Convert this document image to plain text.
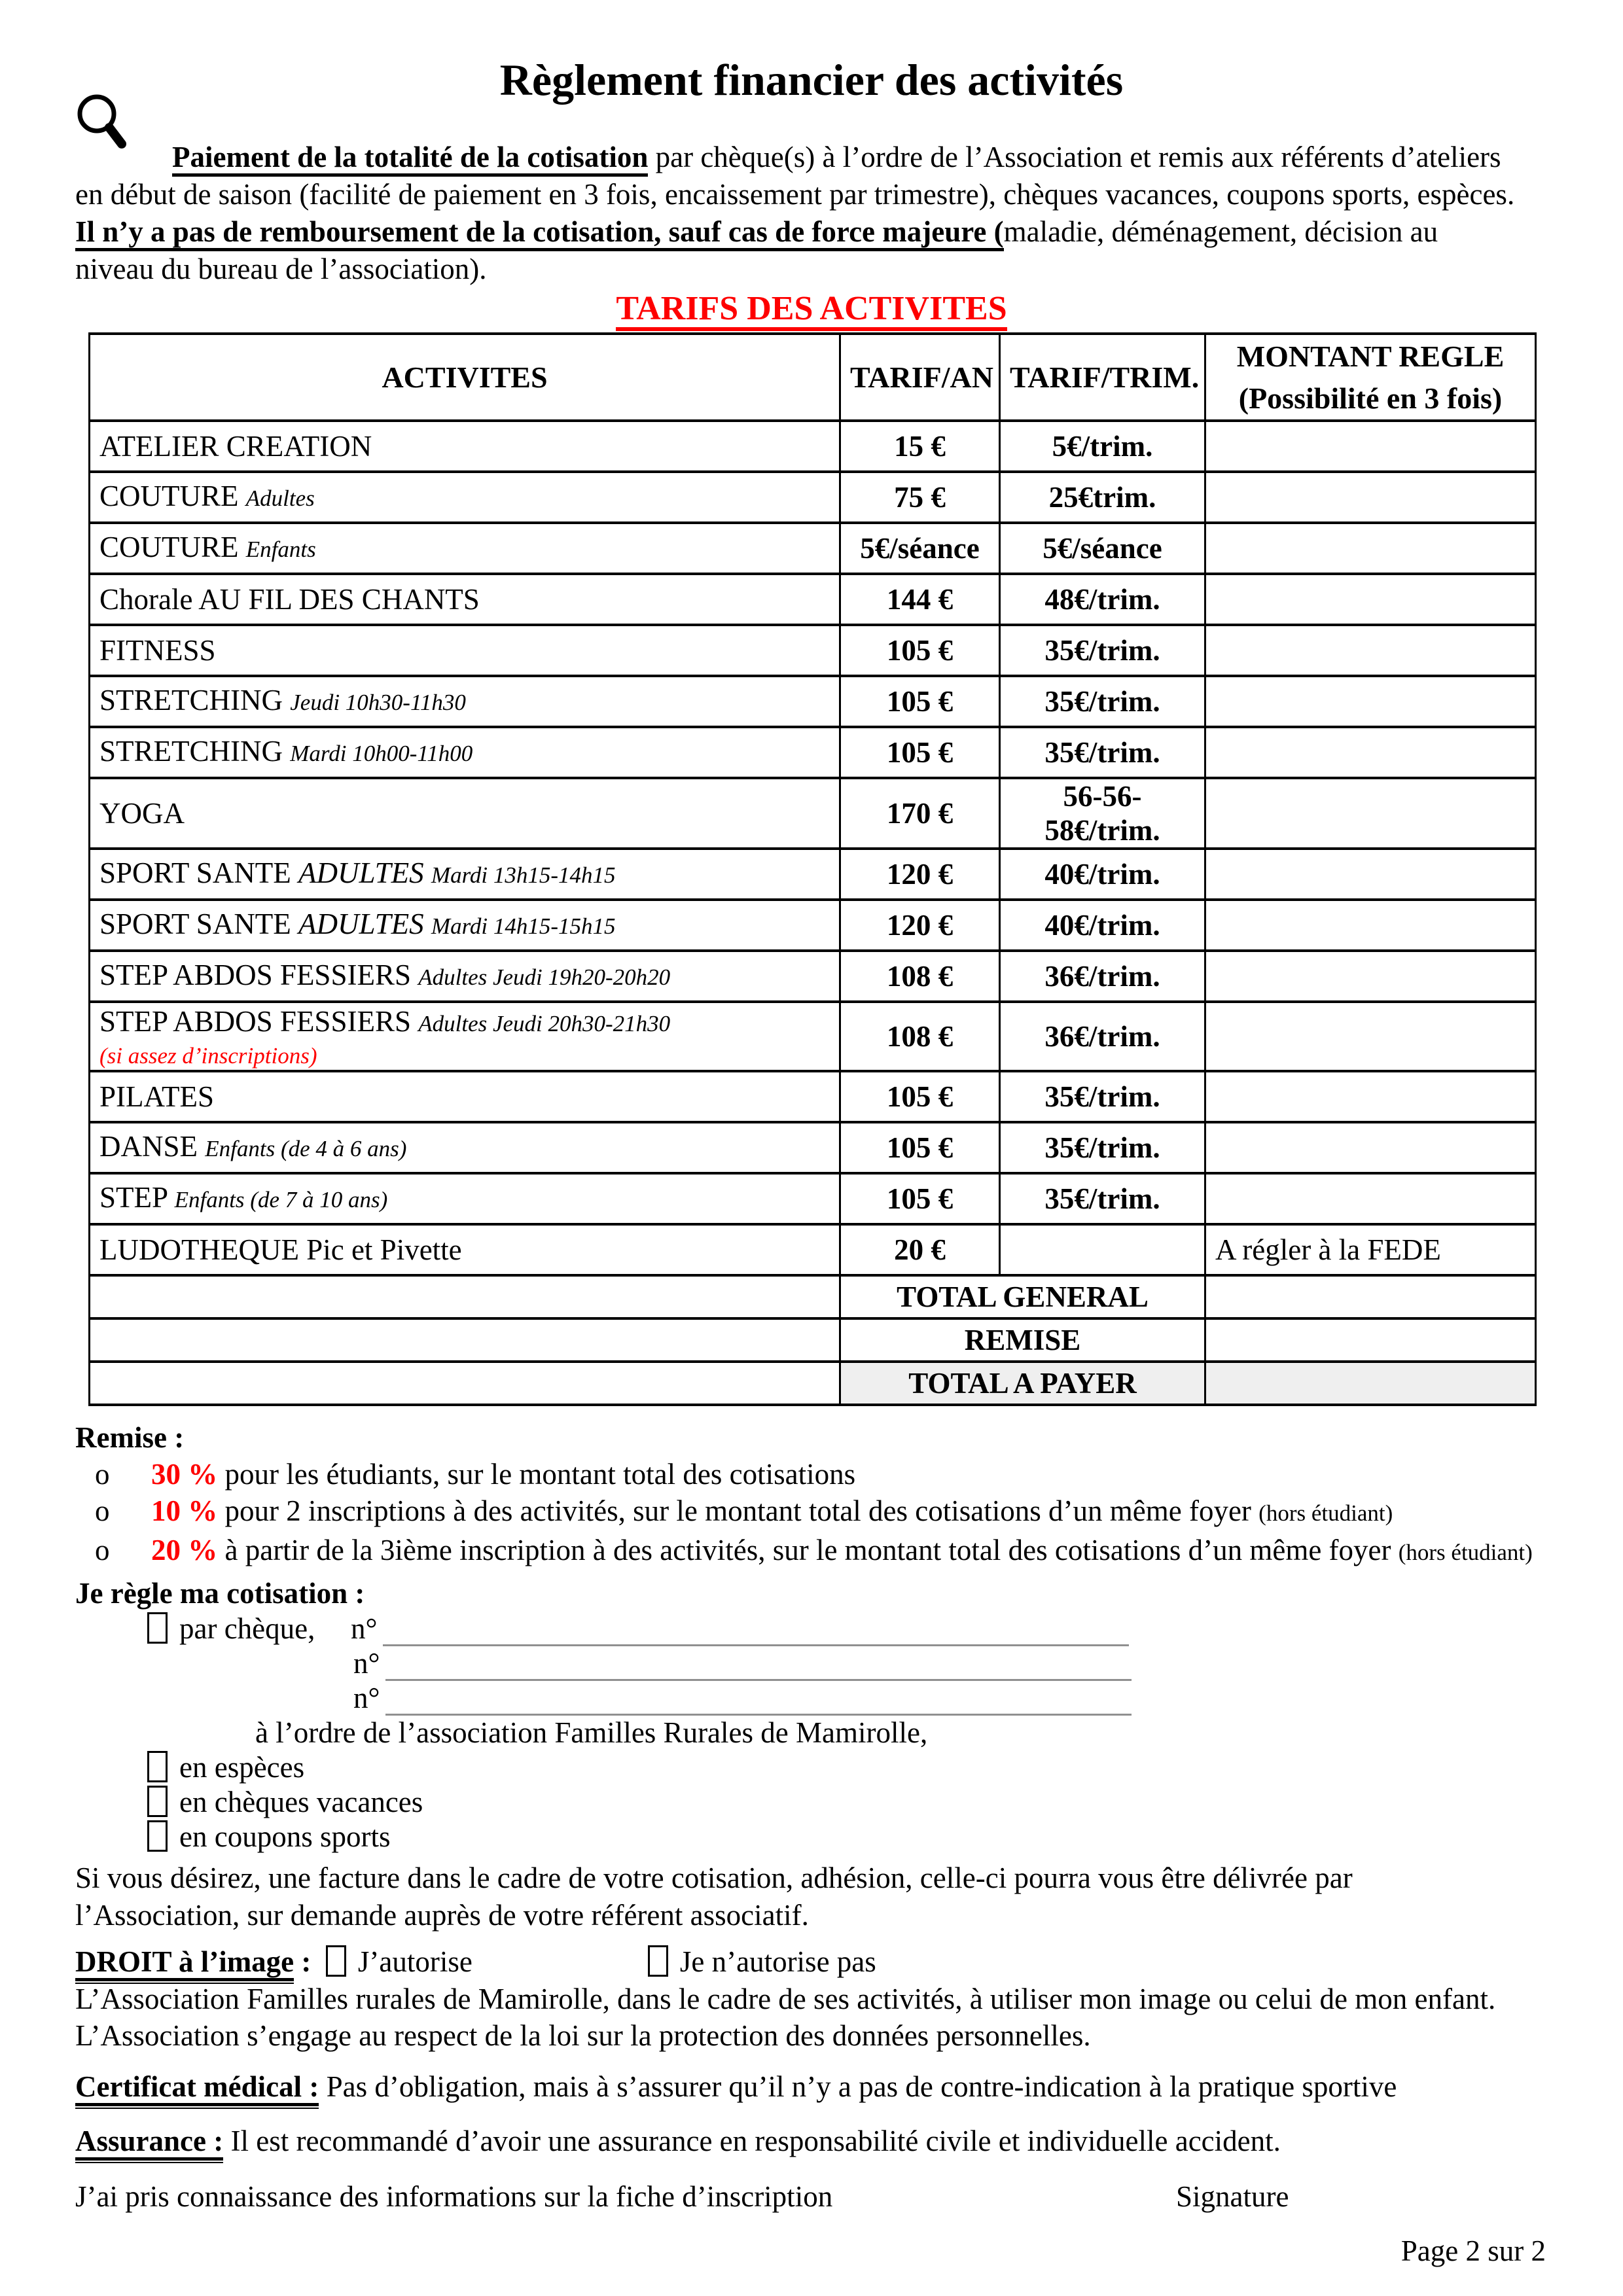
Règlement financier des activités
Paiement de la totalité de la cotisation par chèque(s) à l’ordre de l’Association et remis aux référents d’ateliers
en début de saison (facilité de paiement en 3 fois, encaissement par trimestre), chèques vacances, coupons sports, espèces.
Il n’y a pas de remboursement de la cotisation, sauf cas de force majeure (maladie, déménagement, décision au
niveau du bureau de l’association).
TARIFS DES ACTIVITES
ACTIVITES	TARIF/AN	TARIF/TRIM.	MONTANT REGLE
(Possibilité en 3 fois)

ATELIER CREATION	15 €	5€/trim.	
COUTURE Adultes	75 €	25€trim.	
COUTURE Enfants	5€/séance	5€/séance	
Chorale AU FIL DES CHANTS	144 €	48€/trim.	
FITNESS	105 €	35€/trim.	
STRETCHING Jeudi 10h30-11h30	105 €	35€/trim.	
STRETCHING Mardi 10h00-11h00	105 €	35€/trim.	
YOGA	170 €	56-56-58€/trim.	
SPORT SANTE ADULTES Mardi 13h15-14h15	120 €	40€/trim.	
SPORT SANTE ADULTES Mardi 14h15-15h15	120 €	40€/trim.	
STEP ABDOS FESSIERS Adultes Jeudi 19h20-20h20	108 €	36€/trim.	
STEP ABDOS FESSIERS Adultes Jeudi 20h30-21h30
(si assez d’inscriptions)	108 €	36€/trim.	
PILATES	105 €	35€/trim.	
DANSE Enfants (de 4 à 6 ans)	105 €	35€/trim.	
STEP Enfants (de 7 à 10 ans)	105 €	35€/trim.	
LUDOTHEQUE Pic et Pivette	20 €		A régler à la FEDE
	TOTAL GENERAL		
	REMISE		
	TOTAL A PAYER		
Remise :
o 30 % pour les étudiants, sur le montant total des cotisations
o 10 % pour 2 inscriptions à des activités, sur le montant total des cotisations d’un même foyer (hors étudiant)
o 20 % à partir de la 3ième inscription à des activités, sur le montant total des cotisations d’un même foyer (hors étudiant)
Je règle ma cotisation :
par chèque, n°
n°
n°
à l’ordre de l’association Familles Rurales de Mamirolle,
en espèces
en chèques vacances
en coupons sports
Si vous désirez, une facture dans le cadre de votre cotisation, adhésion, celle-ci pourra vous être délivrée par
l’Association, sur demande auprès de votre référent associatif.
DROIT à l’image : J’autorise	Je n’autorise pas
L’Association Familles rurales de Mamirolle, dans le cadre de ses activités, à utiliser mon image ou celui de mon enfant.
L’Association s’engage au respect de la loi sur la protection des données personnelles.
Certificat médical : Pas d’obligation, mais à s’assurer qu’il n’y a pas de contre-indication à la pratique sportive
Assurance : Il est recommandé d’avoir une assurance en responsabilité civile et individuelle accident.
J’ai pris connaissance des informations sur la fiche d’inscription	Signature
Page 2 sur 2
